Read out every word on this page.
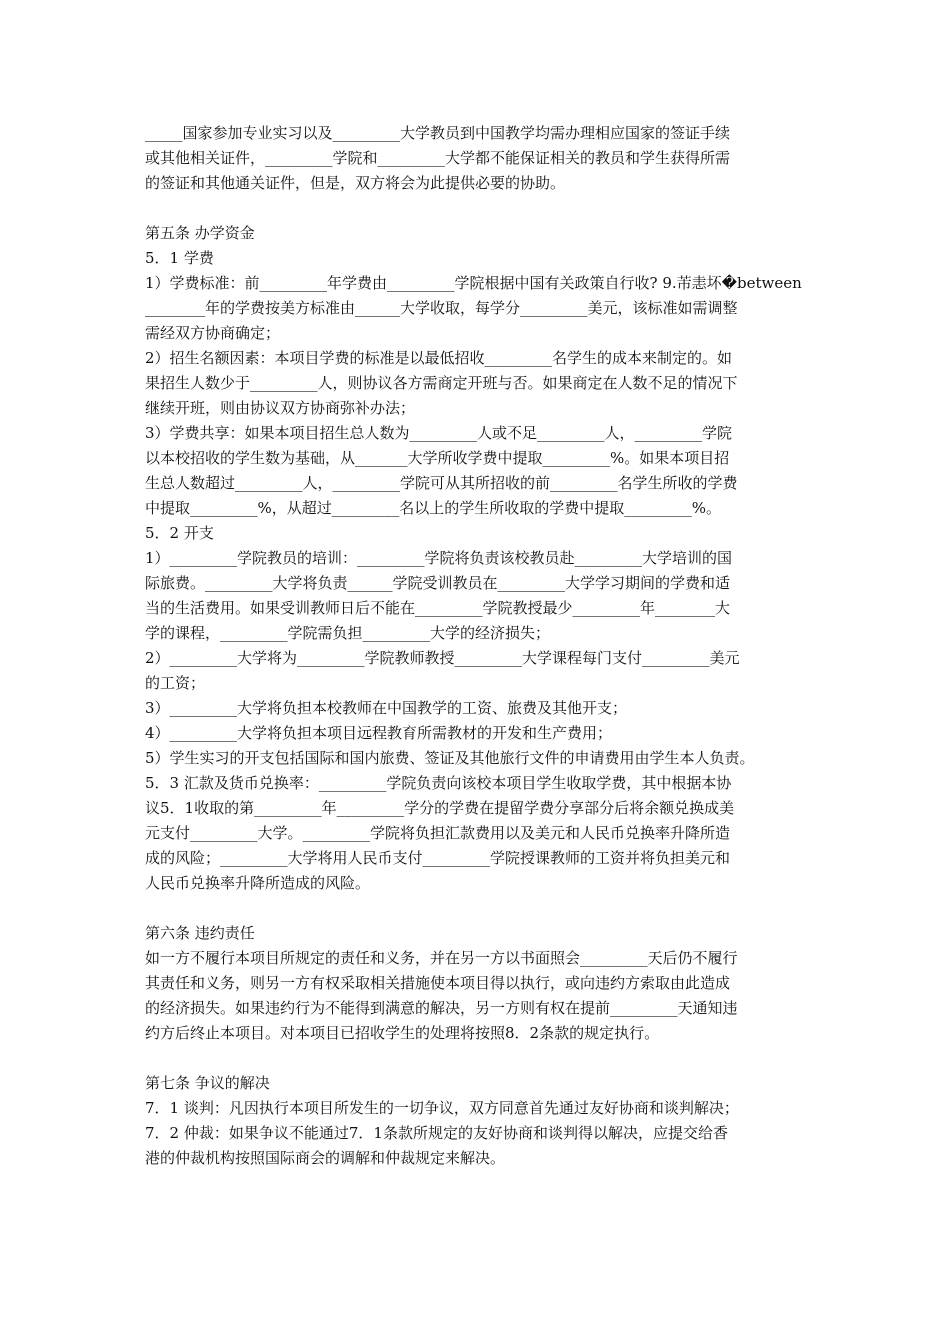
_____国家参加专业实习以及_________大学教员到中国教学均需办理相应国家的签证手续
或其他相关证件，_________学院和_________大学都不能保证相关的教员和学生获得所需
的签证和其他通关证件，但是，双方将会为此提供必要的协助。
第五条 办学资金
5．1 学费
1）学费标准：前_________年学费由_________学院根据中国有关政策自行收? 9.芾恚坏�between
________年的学费按美方标准由______大学收取，每学分_________美元，该标准如需调整
需经双方协商确定；
2）招生名额因素：本项目学费的标准是以最低招收_________名学生的成本来制定的。如
果招生人数少于_________人，则协议各方需商定开班与否。如果商定在人数不足的情况下
继续开班，则由协议双方协商弥补办法；
3）学费共享：如果本项目招生总人数为_________人或不足_________人，_________学院
以本校招收的学生数为基础，从_______大学所收学费中提取_________%。如果本项目招
生总人数超过_________人，_________学院可从其所招收的前_________名学生所收的学费
中提取_________%，从超过_________名以上的学生所收取的学费中提取_________%。
5．2 开支
1）_________学院教员的培训：_________学院将负责该校教员赴_________大学培训的国
际旅费。_________大学将负责______学院受训教员在_________大学学习期间的学费和适
当的生活费用。如果受训教师日后不能在_________学院教授最少_________年________大
学的课程，_________学院需负担_________大学的经济损失；
2）_________大学将为_________学院教师教授_________大学课程每门支付_________美元
的工资；
3）_________大学将负担本校教师在中国教学的工资、旅费及其他开支；
4）_________大学将负担本项目远程教育所需教材的开发和生产费用；
5）学生实习的开支包括国际和国内旅费、签证及其他旅行文件的申请费用由学生本人负责。
5．3 汇款及货币兑换率：_________学院负责向该校本项目学生收取学费，其中根据本协
议5．1收取的第_________年_________学分的学费在提留学费分享部分后将余额兑换成美
元支付_________大学。_________学院将负担汇款费用以及美元和人民币兑换率升降所造
成的风险；_________大学将用人民币支付_________学院授课教师的工资并将负担美元和
人民币兑换率升降所造成的风险。
第六条 违约责任
如一方不履行本项目所规定的责任和义务，并在另一方以书面照会_________天后仍不履行
其责任和义务，则另一方有权采取相关措施使本项目得以执行，或向违约方索取由此造成
的经济损失。如果违约行为不能得到满意的解决，另一方则有权在提前_________天通知违
约方后终止本项目。对本项目已招收学生的处理将按照8．2条款的规定执行。
第七条 争议的解决
7．1 谈判：凡因执行本项目所发生的一切争议，双方同意首先通过友好协商和谈判解决；
7．2 仲裁：如果争议不能通过7．1条款所规定的友好协商和谈判得以解决，应提交给香
港的仲裁机构按照国际商会的调解和仲裁规定来解决。
